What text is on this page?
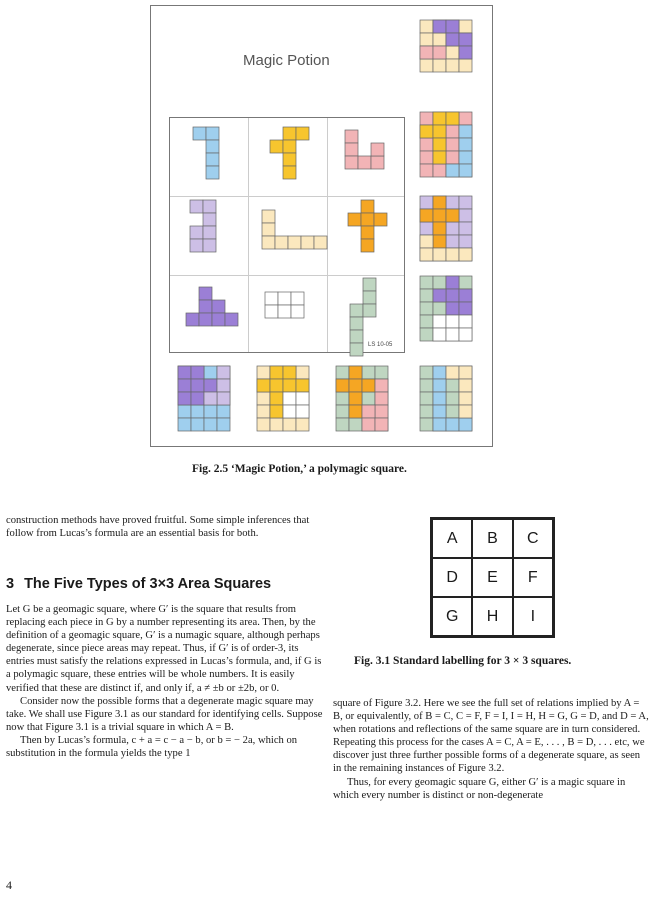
Magic Potion
LS 10-05
Fig. 2.5 ‘Magic Potion,’ a polymagic square.

construction methods have proved fruitful. Some simple inferences that follow from Lucas’s formula are an essential basis for both.

3 The Five Types of 3×3 Area Squares

Let G be a geomagic square, where G′ is the square that results from replacing each piece in G by a number representing its area. Then, by the definition of a geomagic square, G′ is a numagic square, although perhaps degenerate, since piece areas may repeat. Thus, if G′ is of order-3, its entries must satisfy the relations expressed in Lucas’s formula, and, if G is a polymagic square, these entries will be whole numbers. It is easily verified that these are distinct if, and only if, a ≠ ±b or ±2b, or 0.

Consider now the possible forms that a degenerate magic square may take. We shall use Figure 3.1 as our standard for identifying cells. Suppose now that Figure 3.1 is a trivial square in which A = B.

Then by Lucas’s formula, c + a = c − a − b, or b = − 2a, which on substitution in the formula yields the type 1

A	B	C
D	E	F
G	H	I
Fig. 3.1 Standard labelling for 3 × 3 squares.

square of Figure 3.2. Here we see the full set of relations implied by A = B, or equivalently, of B = C, C = F, F = I, I = H, H = G, G = D, and D = A, when rotations and reflections of the same square are in turn considered. Repeating this process for the cases A = C, A = E, . . . , B = D, . . . etc, we discover just three further possible forms of a degenerate square, as seen in the remaining instances of Figure 3.2.

Thus, for every geomagic square G, either G′ is a magic square in which every number is distinct or non-degenerate

4
